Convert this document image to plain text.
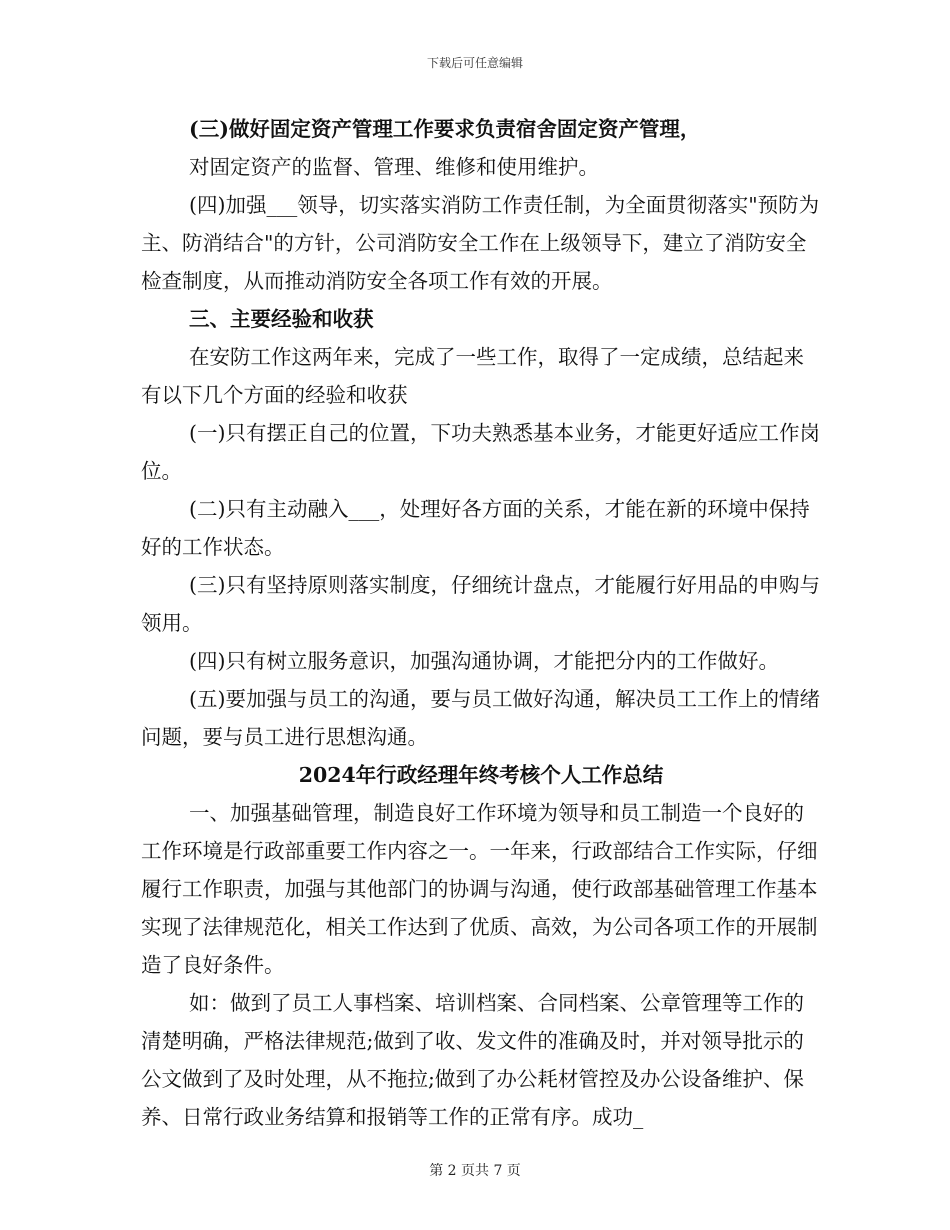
下载后可任意编辑

(三)做好固定资产管理工作要求负责宿舍固定资产管理，

对固定资产的监督、管理、维修和使用维护。

(四)加强___领导，切实落实消防工作责任制，为全面贯彻落实"预防为主、防消结合"的方针，公司消防安全工作在上级领导下，建立了消防安全检查制度，从而推动消防安全各项工作有效的开展。

三、主要经验和收获

在安防工作这两年来，完成了一些工作，取得了一定成绩，总结起来有以下几个方面的经验和收获

(一)只有摆正自己的位置，下功夫熟悉基本业务，才能更好适应工作岗位。

(二)只有主动融入___，处理好各方面的关系，才能在新的环境中保持好的工作状态。

(三)只有坚持原则落实制度，仔细统计盘点，才能履行好用品的申购与领用。

(四)只有树立服务意识，加强沟通协调，才能把分内的工作做好。

(五)要加强与员工的沟通，要与员工做好沟通，解决员工工作上的情绪问题，要与员工进行思想沟通。

2024年行政经理年终考核个人工作总结

一、加强基础管理，制造良好工作环境为领导和员工制造一个良好的工作环境是行政部重要工作内容之一。一年来，行政部结合工作实际，仔细履行工作职责，加强与其他部门的协调与沟通，使行政部基础管理工作基本实现了法律规范化，相关工作达到了优质、高效，为公司各项工作的开展制造了良好条件。

如：做到了员工人事档案、培训档案、合同档案、公章管理等工作的清楚明确，严格法律规范;做到了收、发文件的准确及时，并对领导批示的公文做到了及时处理，从不拖拉;做到了办公耗材管控及办公设备维护、保养、日常行政业务结算和报销等工作的正常有序。成功_

第 2 页共 7 页
